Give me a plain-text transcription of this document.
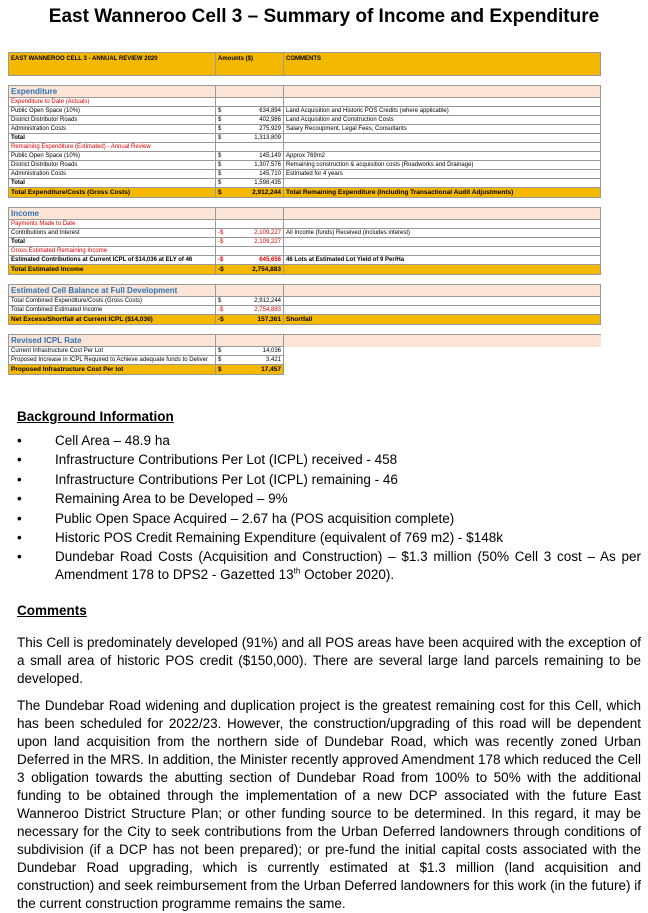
East Wanneroo Cell 3 – Summary of Income and Expenditure
EAST WANNEROO CELL 3 - ANNUAL REVIEW 2020	Amounts ($)	COMMENTS

Expenditure		
Expenditure to Date (Actuals)		
Public Open Space (10%)	$ 634,894	Land Acquisition and Historic POS Credits (where applicable)
District Distributor Roads	$ 402,986	Land Acquisition and Construction Costs
Administration Costs	$ 275,929	Salary Recoupment, Legal Fees, Consultants
Total	$ 1,313,809	

Remaining Expenditure (Estimated) - Annual Review		
Public Open Space (10%)	$ 145,149	Approx 769m2
District Distributor Roads	$ 1,307,576	Remaining construction & acquisition costs (Roadworks and Drainage)
Administration Costs	$ 145,710	Estimated for 4 years
Total	$ 1,598,435	

Total Expenditure/Costs (Gross Costs)	$ 2,912,244	Total Remaining Expenditure (Including Transactional Audit Adjustments)

Income		
Payments Made to Date		
Contributions and Interest	-$ 2,109,227	All Income (funds) Received (includes interest)
Total	-$ 2,109,227	

Gross Estimated Remaining Income		
Estimated Contributions at Current ICPL of $14,036 at ELY of 46	-$ 645,656	46 Lots at Estimated Lot Yield of 9 Per/Ha
Total Estimated Income	-$ 2,754,883	

Estimated Cell Balance at Full Development		
Total Combined Expenditure/Costs (Gross Costs)	$ 2,912,244	

Total Combined Estimated Income	-$ 2,754,883	

Net Excess/Shortfall at Current ICPL ($14,036)	-$ 157,361	Shortfall

Revised ICPL Rate		
Current Infrastructure Cost Per Lot	$ 14,036	

Proposed Increase in ICPL Required to Achieve adequate funds to Deliver	$ 3,421	

Proposed Infrastructure Cost Per lot	$ 17,457	

Background Information
• Cell Area – 48.9 ha
• Infrastructure Contributions Per Lot (ICPL) received - 458
• Infrastructure Contributions Per Lot (ICPL) remaining - 46
• Remaining Area to be Developed – 9%
• Public Open Space Acquired – 2.67 ha (POS acquisition complete)
• Historic POS Credit Remaining Expenditure (equivalent of 769 m2) - $148k
• Dundebar Road Costs (Acquisition and Construction) – $1.3 million (50% Cell 3 cost – As per Amendment 178 to DPS2 - Gazetted 13th October 2020).
Comments

This Cell is predominately developed (91%) and all POS areas have been acquired with the exception of a small area of historic POS credit ($150,000). There are several large land parcels remaining to be developed.

The Dundebar Road widening and duplication project is the greatest remaining cost for this Cell, which has been scheduled for 2022/23. However, the construction/upgrading of this road will be dependent upon land acquisition from the northern side of Dundebar Road, which was recently zoned Urban Deferred in the MRS. In addition, the Minister recently approved Amendment 178 which reduced the Cell 3 obligation towards the abutting section of Dundebar Road from 100% to 50% with the additional funding to be obtained through the implementation of a new DCP associated with the future East Wanneroo District Structure Plan; or other funding source to be determined. In this regard, it may be necessary for the City to seek contributions from the Urban Deferred landowners through conditions of subdivision (if a DCP has not been prepared); or pre-fund the initial capital costs associated with the Dundebar Road upgrading, which is currently estimated at $1.3 million (land acquisition and construction) and seek reimbursement from the Urban Deferred landowners for this work (in the future) if the current construction programme remains the same.
